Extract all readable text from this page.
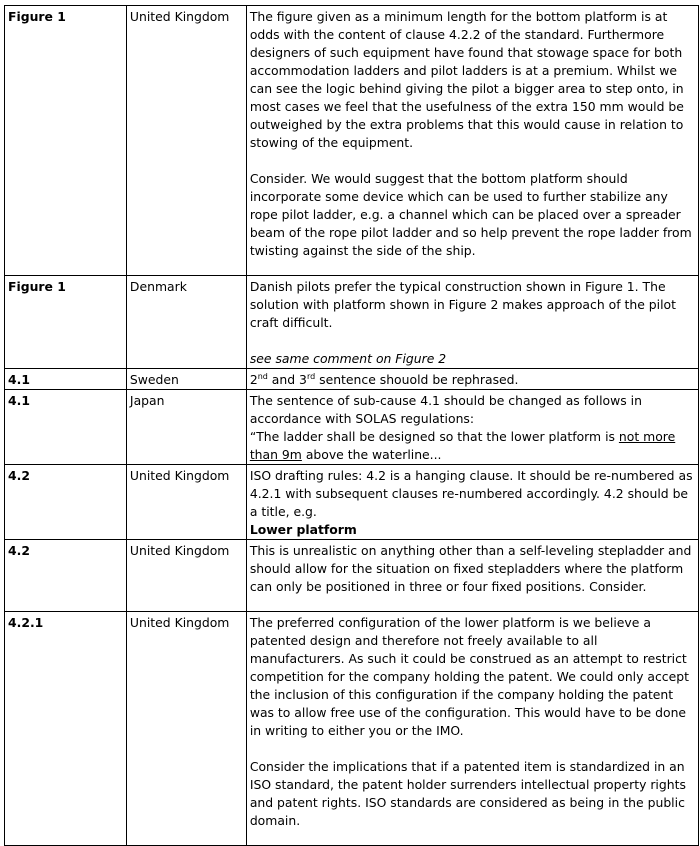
Figure 1	United Kingdom	The figure given as a minimum length for the bottom platform is at odds with the content of clause 4.2.2 of the standard. Furthermore designers of such equipment have found that stowage space for both accommodation ladders and pilot ladders is at a premium. Whilst we can see the logic behind giving the pilot a bigger area to step onto, in most cases we feel that the usefulness of the extra 150 mm would be outweighed by the extra problems that this would cause in relation to stowing of the equipment.

Consider. We would suggest that the bottom platform should incorporate some device which can be used to further stabilize any rope pilot ladder, e.g. a channel which can be placed over a spreader beam of the rope pilot ladder and so help prevent the rope ladder from twisting against the side of the ship.

Figure 1	Denmark	Danish pilots prefer the typical construction shown in Figure 1. The solution with platform shown in Figure 2 makes approach of the pilot craft difficult.

see same comment on Figure 2

4.1	Sweden	2nd and 3rd sentence shouold be rephrased.
4.1	Japan	The sentence of sub-cause 4.1 should be changed as follows in accordance with SOLAS regulations:

“The ladder shall be designed so that the lower platform is not more than 9m above the waterline...

4.2	United Kingdom	ISO drafting rules: 4.2 is a hanging clause. It should be re-numbered as 4.2.1 with subsequent clauses re-numbered accordingly. 4.2 should be a title, e.g.

Lower platform

4.2	United Kingdom	This is unrealistic on anything other than a self-leveling stepladder and should allow for the situation on fixed stepladders where the platform can only be positioned in three or four fixed positions. Consider.

4.2.1	United Kingdom	The preferred configuration of the lower platform is we believe a patented design and therefore not freely available to all manufacturers. As such it could be construed as an attempt to restrict competition for the company holding the patent. We could only accept the inclusion of this configuration if the company holding the patent was to allow free use of the configuration. This would have to be done in writing to either you or the IMO.

Consider the implications that if a patented item is standardized in an ISO standard, the patent holder surrenders intellectual property rights and patent rights. ISO standards are considered as being in the public domain.
